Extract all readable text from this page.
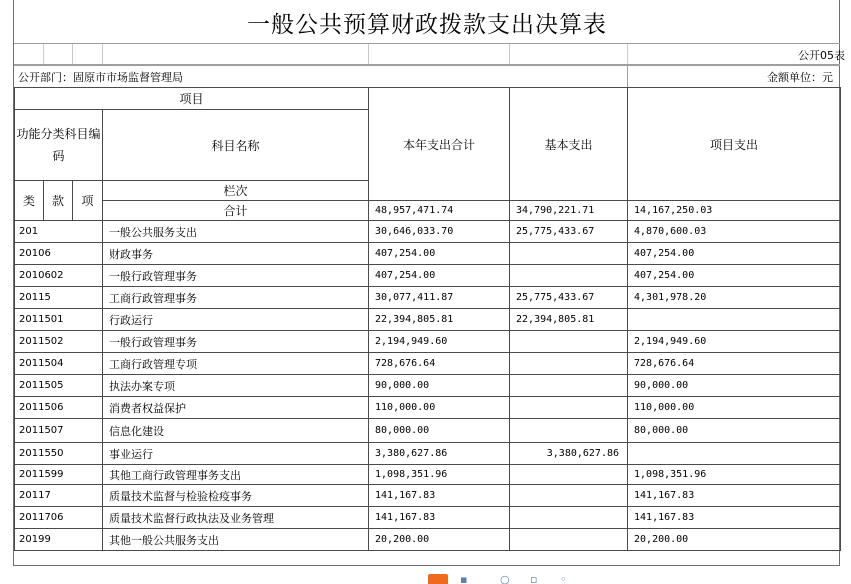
一般公共预算财政拨款支出决算表
公开05表
公开部门：固原市市场监督管理局	金额单位：元
项目				本年支出合计	基本支出	项目支出	
功能分类科目编码			科目名称				
类	款	项	栏次			
			合计	48,957,471.74	34,790,221.71	14,167,250.03	
201			一般公共服务支出	30,646,033.70	25,775,433.67	4,870,600.03	
20106			财政事务	407,254.00		407,254.00	
2010602			一般行政管理事务	407,254.00		407,254.00	
20115			工商行政管理事务	30,077,411.87	25,775,433.67	4,301,978.20	
2011501			行政运行	22,394,805.81	22,394,805.81		
2011502			一般行政管理事务	2,194,949.60		2,194,949.60	
2011504			工商行政管理专项	728,676.64		728,676.64	
2011505			执法办案专项	90,000.00		90,000.00	
2011506			消费者权益保护	110,000.00		110,000.00	
2011507			信息化建设	80,000.00		80,000.00	
2011550			事业运行	3,380,627.86	3,380,627.86		
2011599			其他工商行政管理事务支出	1,098,351.96		1,098,351.96	
20117			质量技术监督与检验检疫事务	141,167.83		141,167.83	
2011706			质量技术监督行政执法及业务管理	141,167.83		141,167.83	
20199			其他一般公共服务支出	20,200.00		20,200.00	
▪	○ ▫ ◦
